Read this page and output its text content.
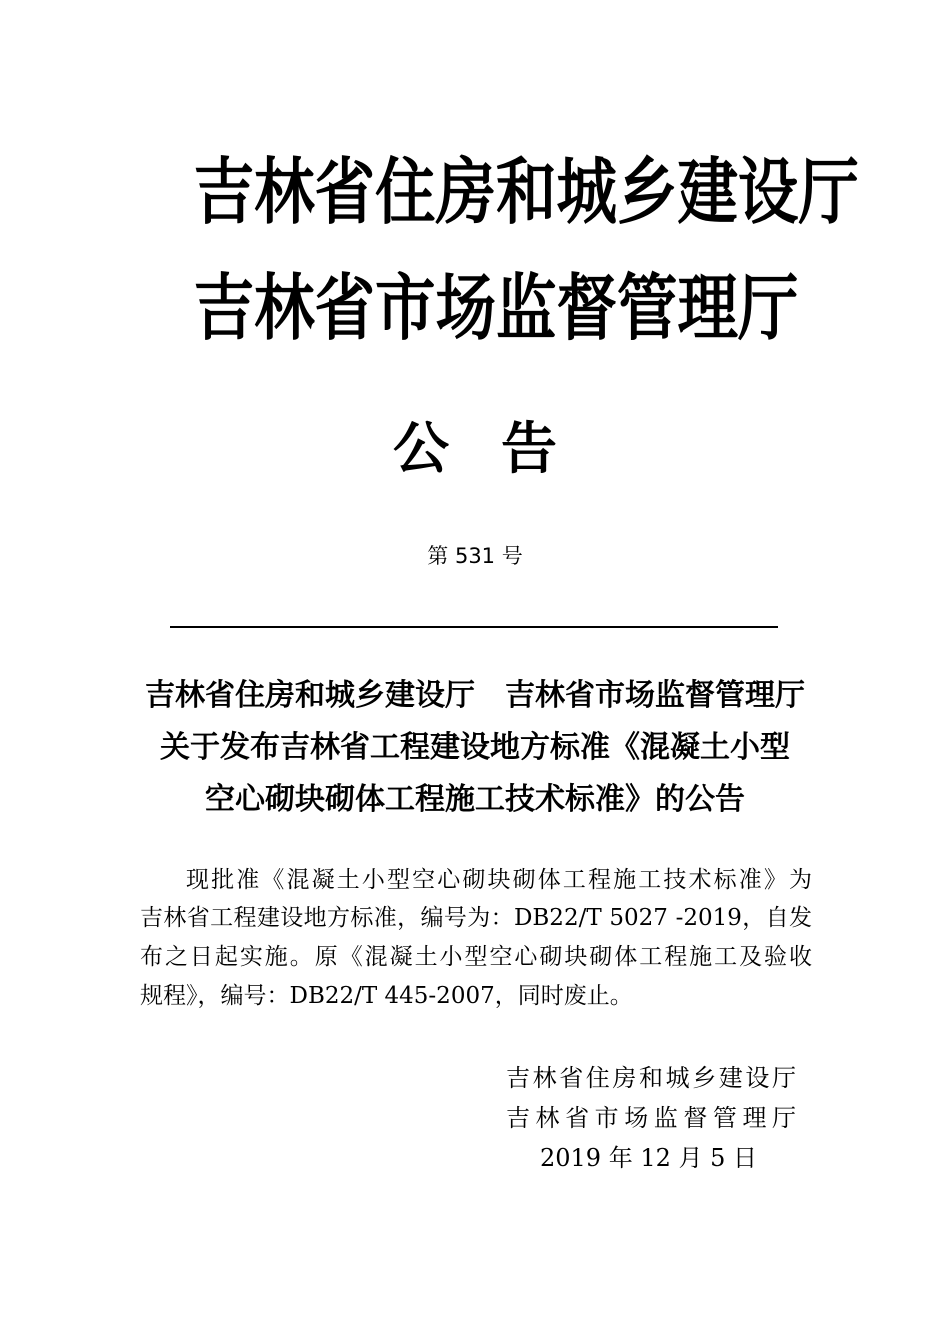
吉林省住房和城乡建设厅
吉林省市场监督管理厅
公告
第 531 号
吉林省住房和城乡建设厅　吉林省市场监督管理厅
关于发布吉林省工程建设地方标准《混凝土小型
空心砌块砌体工程施工技术标准》的公告
现批准《混凝土小型空心砌块砌体工程施工技术标准》为
吉林省工程建设地方标准，编号为：DB22/T 5027 -2019，自发
布之日起实施。原《混凝土小型空心砌块砌体工程施工及验收
规程》，编号：DB22/T 445-2007，同时废止。
吉林省住房和城乡建设厅
吉林省市场监督管理厅
2019 年 12 月 5 日
